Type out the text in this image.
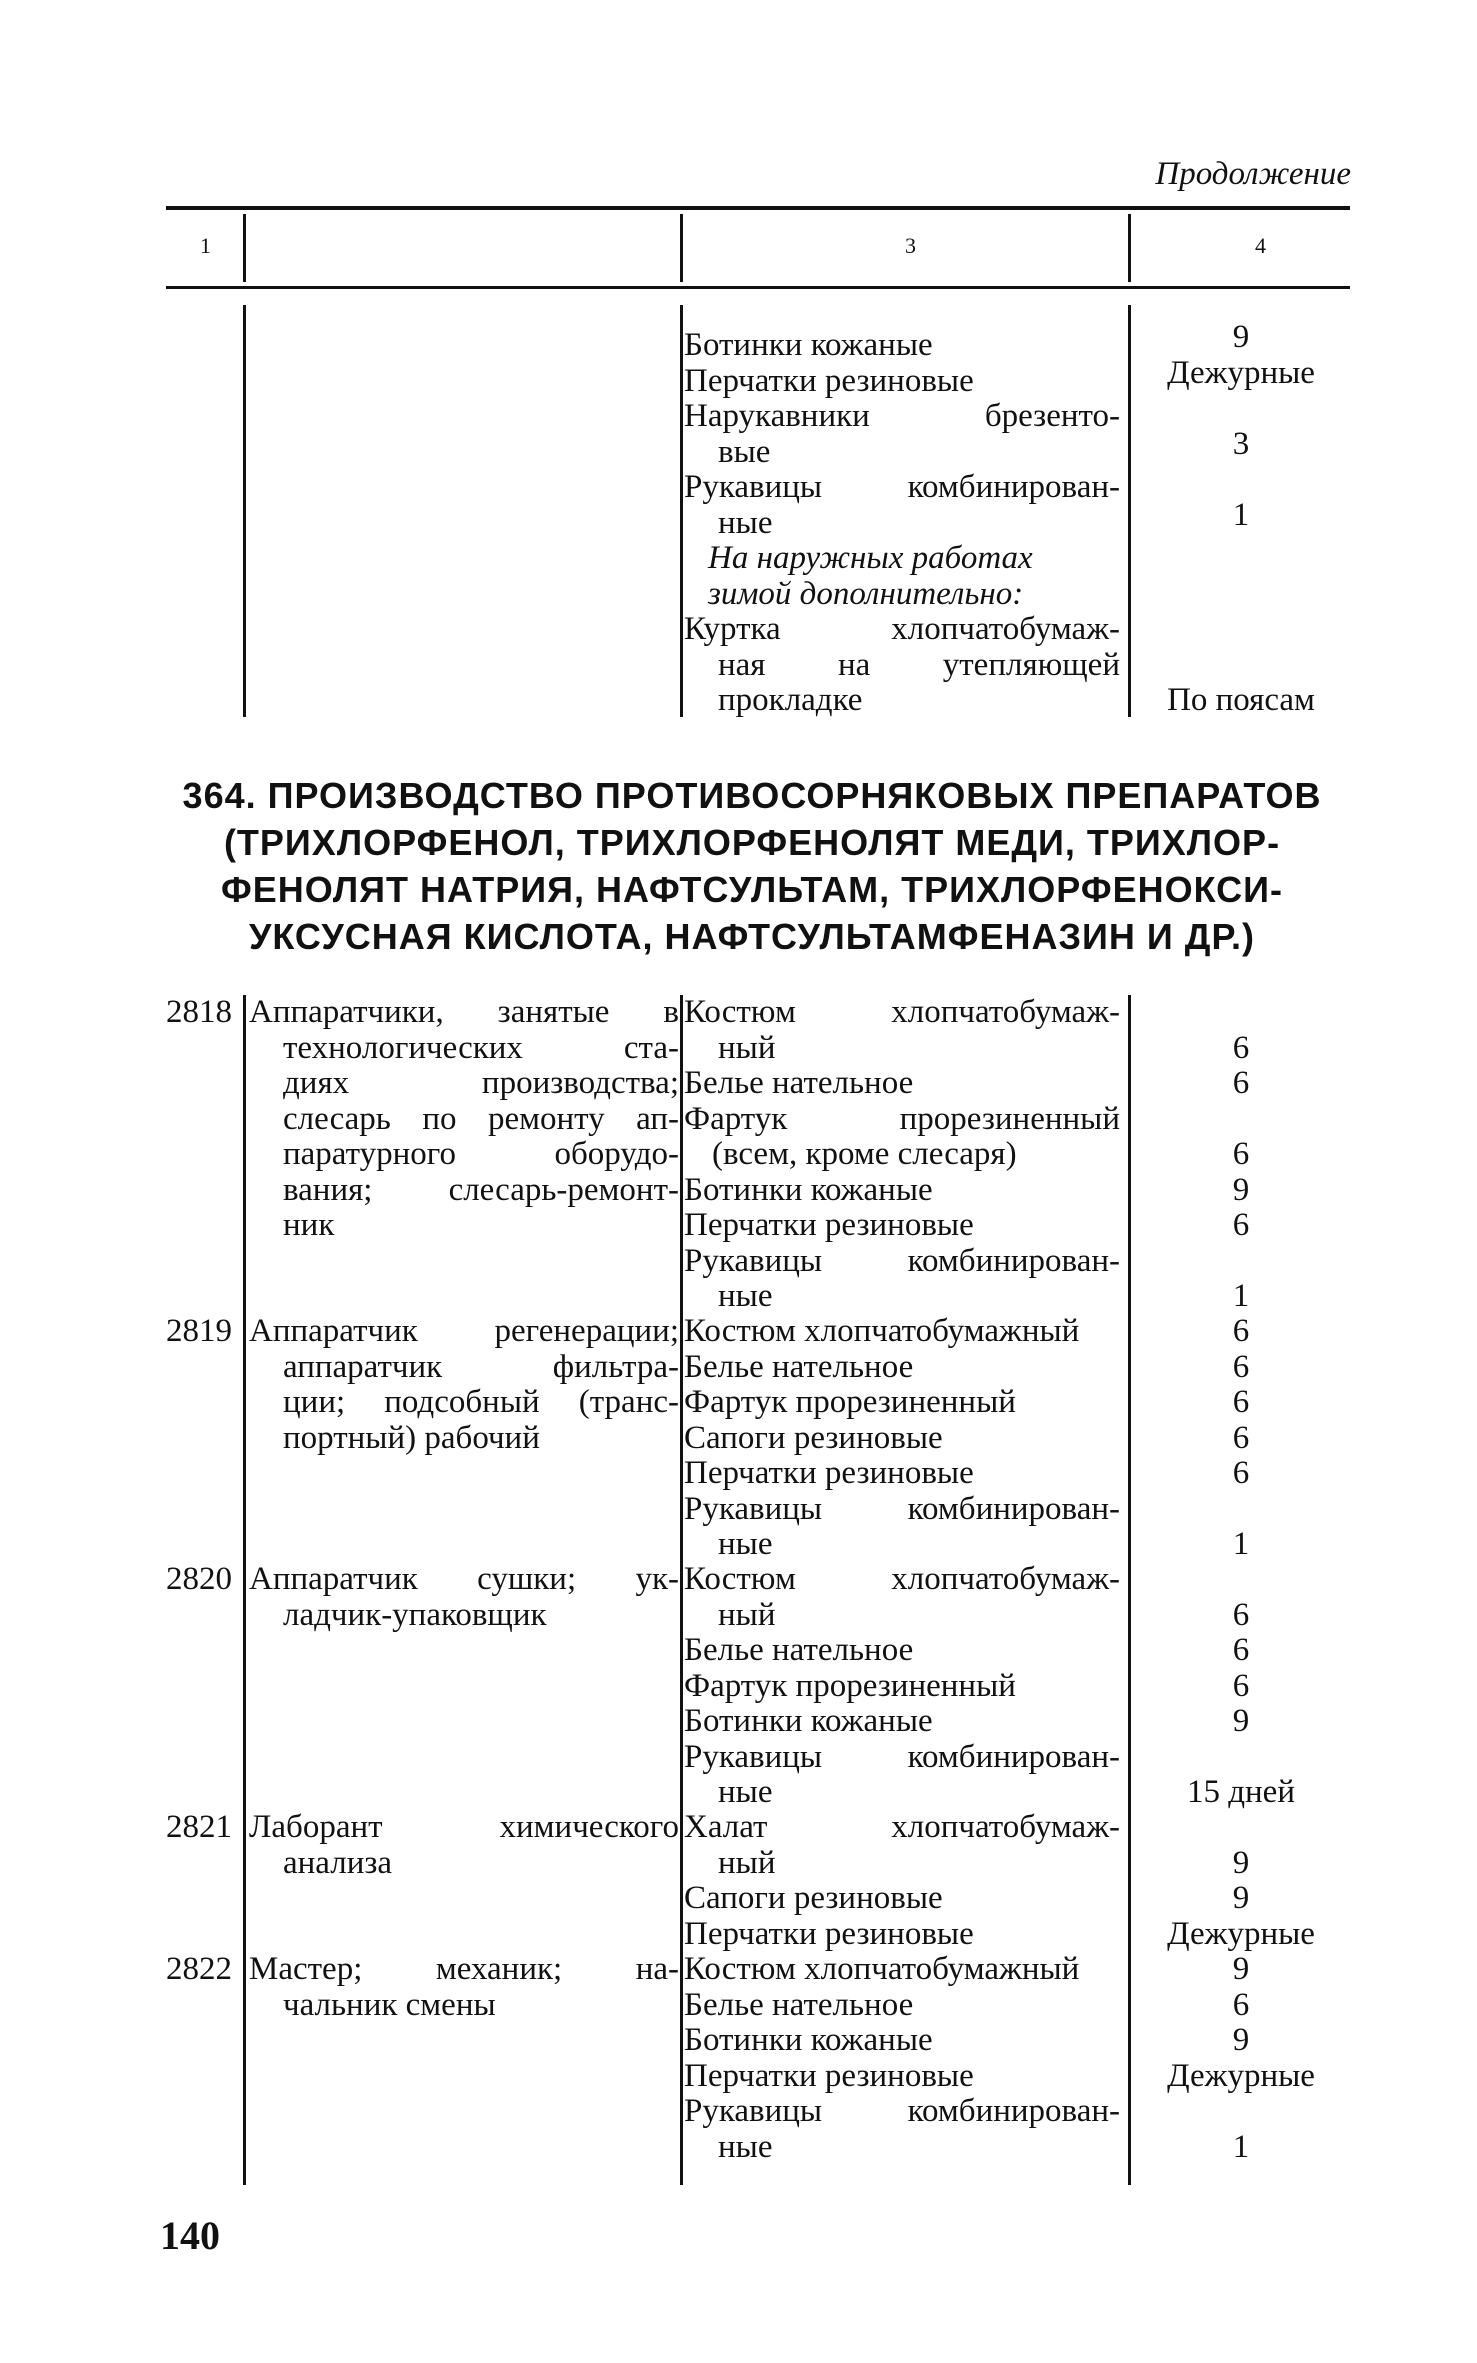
Продолжение
1	3	4
Ботинки кожаные
Перчатки резиновые
Нарукавники брезенто-
вые
Рукавицы комбинирован-
ные
На наружных работах
зимой дополнительно:
Куртка хлопчатобумаж-
ная на утепляющей
прокладке
9
Дежурные
3
1
По поясам
364. ПРОИЗВОДСТВО ПРОТИВОСОРНЯКОВЫХ ПРЕПАРАТОВ (ТРИХЛОРФЕНОЛ, ТРИХЛОРФЕНОЛЯТ МЕДИ, ТРИХЛОР-ФЕНОЛЯТ НАТРИЯ, НАФТСУЛЬТАМ, ТРИХЛОРФЕНОКСИ-УКСУСНАЯ КИСЛОТА, НАФТСУЛЬТАМФЕНАЗИН И ДР.)
2818 Аппаратчики, занятые в
технологических ста-
диях производства;
слесарь по ремонту ап-
паратурного оборудо-
вания; слесарь-ремонт-
ник
Костюм хлопчатобумаж-
ный
Белье нательное
Фартук прорезиненный
(всем, кроме слесаря)
Ботинки кожаные
Перчатки резиновые
Рукавицы комбинирован-
ные
6
6
6
9
6
1
2819 Аппаратчик регенерации;
аппаратчик фильтра-
ции; подсобный (транс-
портный) рабочий
Костюм хлопчатобумажный
Белье нательное
Фартук прорезиненный
Сапоги резиновые
Перчатки резиновые
Рукавицы комбинирован-
ные
6
6
6
6
6
1
2820 Аппаратчик сушки; ук-
ладчик-упаковщик
Костюм хлопчатобумаж-
ный
Белье нательное
Фартук прорезиненный
Ботинки кожаные
Рукавицы комбинирован-
ные
6
6
6
9
15 дней
2821 Лаборант химического
анализа
Халат хлопчатобумаж-
ный
Сапоги резиновые
Перчатки резиновые
9
9
Дежурные
2822 Мастер; механик; на-
чальник смены
Костюм хлопчатобумажный
Белье нательное
Ботинки кожаные
Перчатки резиновые
Рукавицы комбинирован-
ные
9
6
9
Дежурные
1
140
